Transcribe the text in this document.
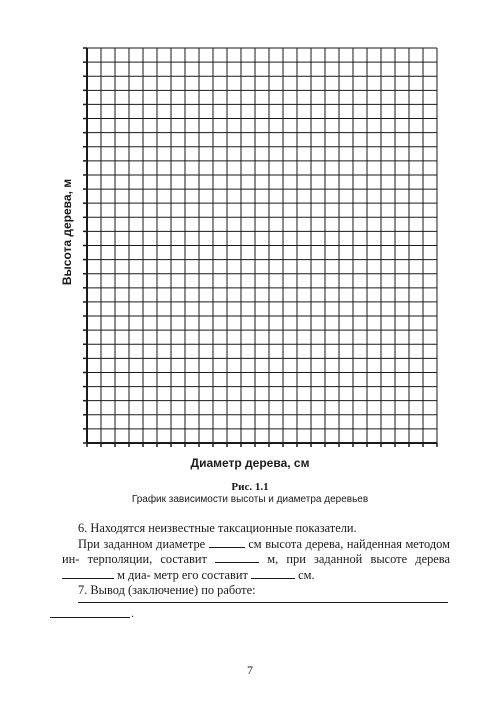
Высота дерева, м
Диаметр дерева, см
Рис. 1.1
График зависимости высоты и диаметра деревьев

6. Находятся неизвестные таксационные показатели.

При заданном диаметре	см высота дерева, найденная методом ин- терполяции, составит	м, при заданной высоте дерева  м диа- метр его составит	см.

7. Вывод (заключение) по работе:

.
7
